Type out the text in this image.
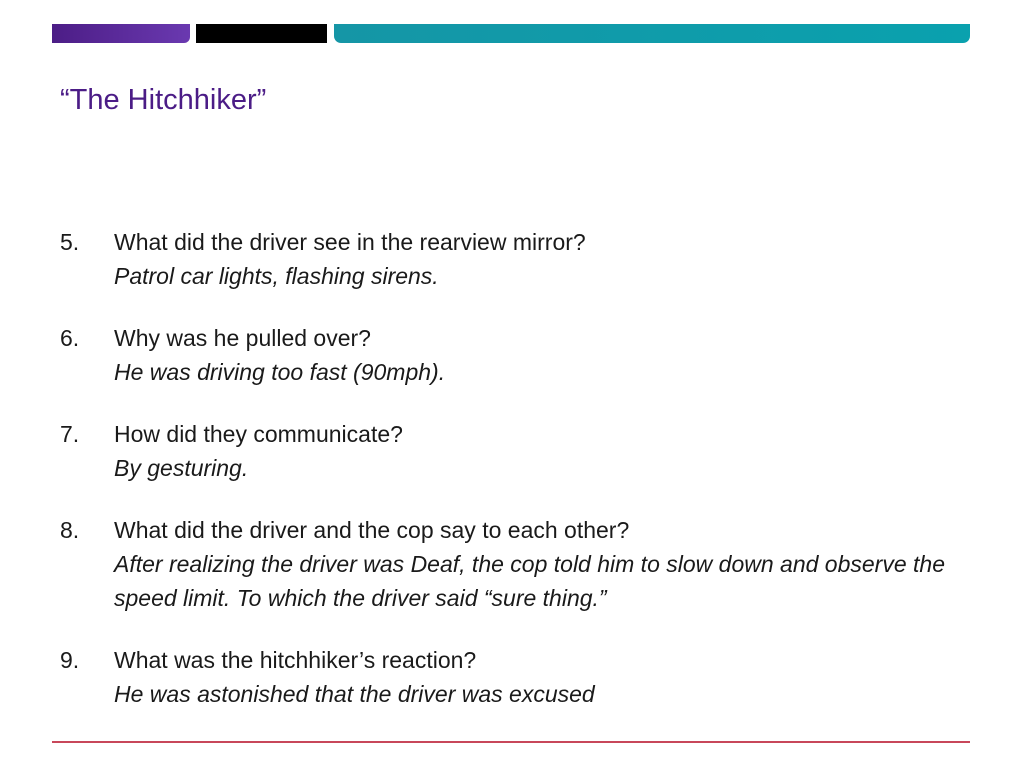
“The Hitchhiker”
5.	What did the driver see in the rearview mirror?
Patrol car lights, flashing sirens.
6.	Why was he pulled over?
He was driving too fast (90mph).
7.	How did they communicate?
By gesturing.
8.	What did the driver and the cop say to each other?
After realizing the driver was Deaf, the cop told him to slow down and observe the speed limit. To which the driver said “sure thing.”
9.	What was the hitchhiker’s reaction?
He was astonished that the driver was excused
